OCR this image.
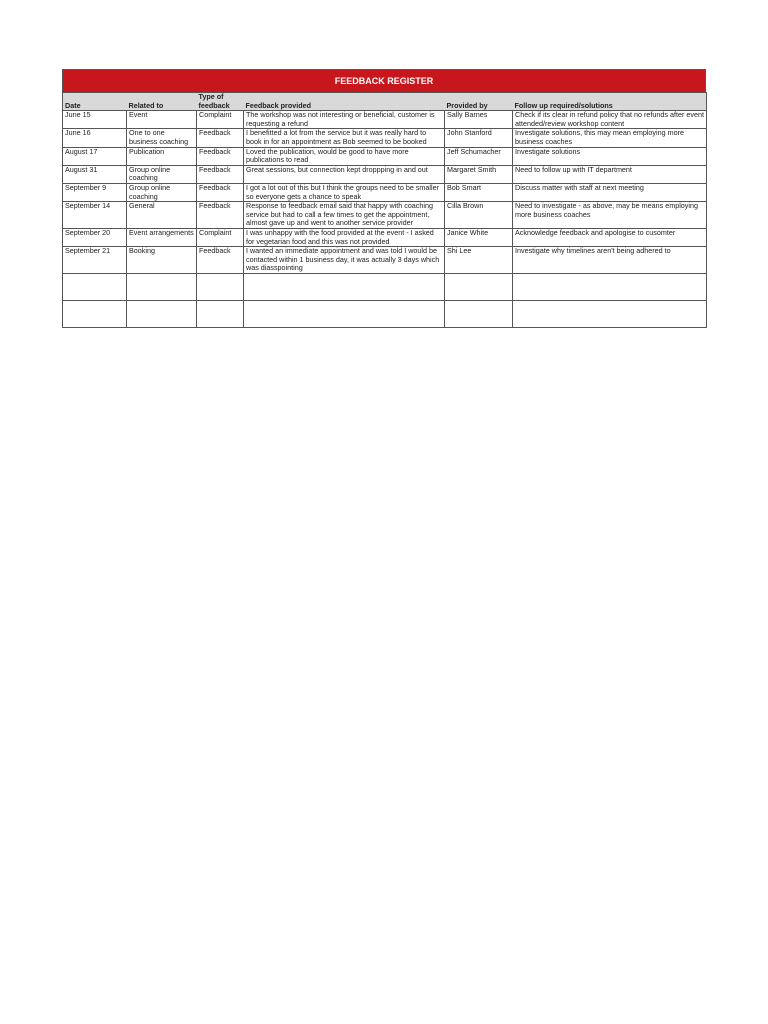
FEEDBACK REGISTER
Date	Related to	Type of feedback	Feedback provided	Provided by	Follow up required/solutions
June 15	Event	Complaint	The workshop was not interesting or beneficial, customer is requesting a refund	Sally Barnes	Check if its clear in refund policy that no refunds after event attended/review workshop content
June 16	One to one business coaching	Feedback	I benefitted a lot from the service but it was really hard to book in for an appointment as Bob seemed to be booked	John Stanford	Investigate solutions, this may mean employing more business coaches
August 17	Publication	Feedback	Loved the publication, would be good to have more publications to read	Jeff Schumacher	Investigate solutions
August 31	Group online coaching	Feedback	Great sessions, but connection kept droppping in and out	Margaret Smith	Need to follow up with IT department
September 9	Group online coaching	Feedback	I got a lot out of this but I think the groups need to be smaller so everyone gets a chance to speak	Bob Smart	Discuss matter with staff at next meeting
September 14	General	Feedback	Response to feedback email said that happy with coaching service but had to call a few times to get the appointment, almost gave up and went to another service provider	Cilla Brown	Need to investigate - as above, may be means employing more business coaches
September 20	Event arrangements	Complaint	I was unhappy with the food provided at the event - I asked for vegetarian food and this was not provided	Janice White	Acknowledge feedback and apologise to cusomter
September 21	Booking	Feedback	I wanted an immediate appointment and was told I would be contacted within 1 business day, it was actually 3 days which was diasspointing	Shi Lee	Investigate why timelines aren't being adhered to
